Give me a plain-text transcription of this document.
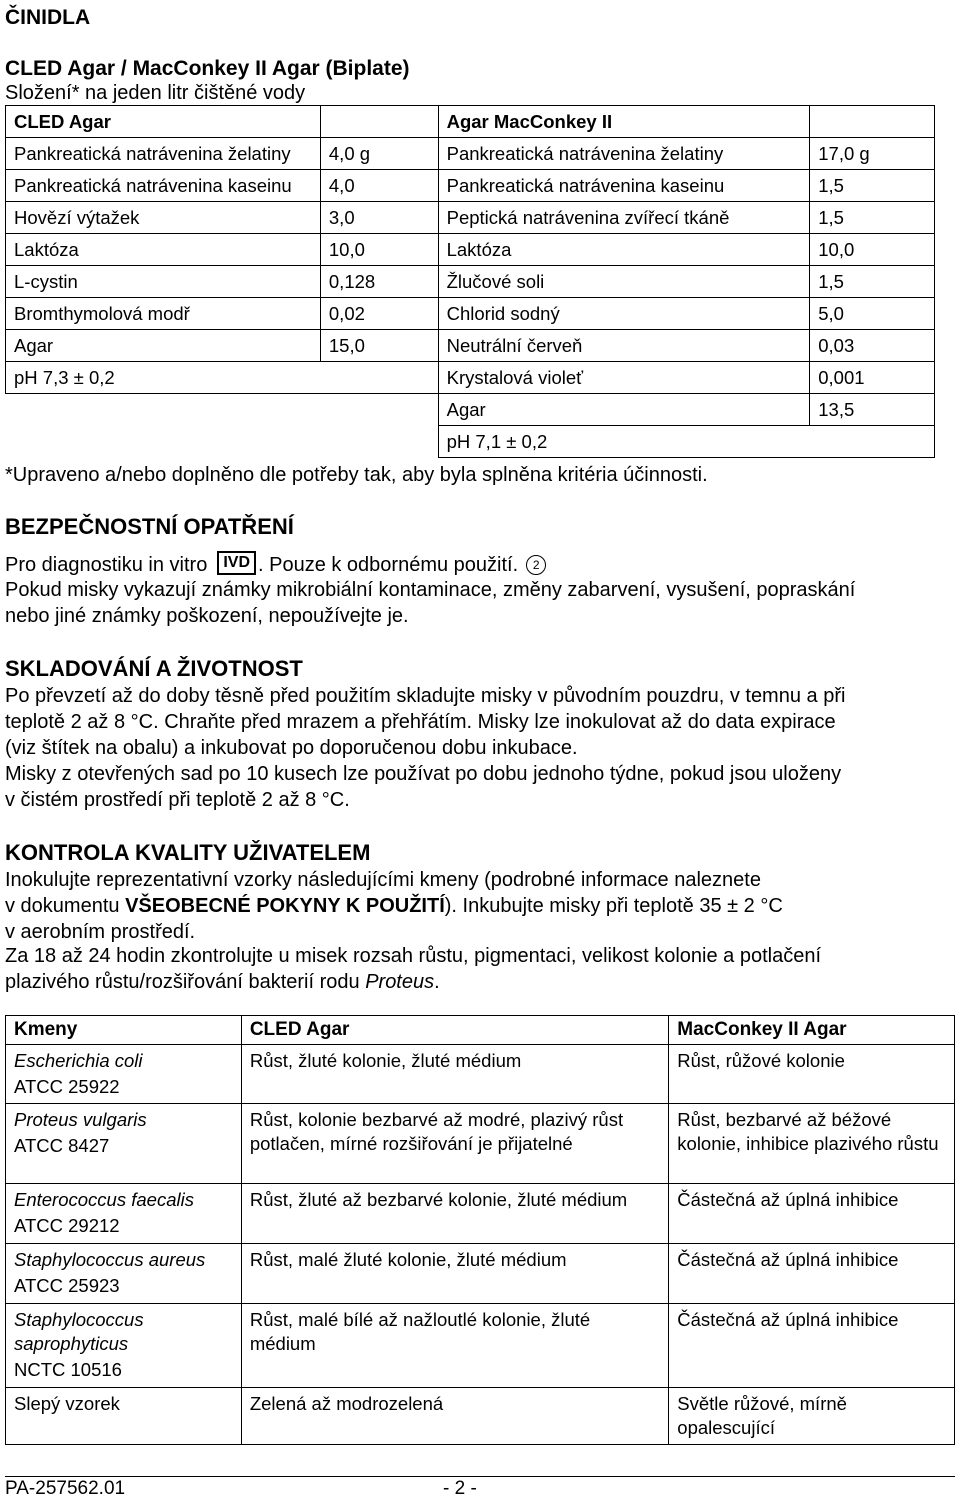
ČINIDLA
CLED Agar / MacConkey II Agar (Biplate)
Složení* na jeden litr čištěné vody
CLED Agar		Agar MacConkey II	
Pankreatická natrávenina želatiny	4,0 g	Pankreatická natrávenina želatiny	17,0 g
Pankreatická natrávenina kaseinu	4,0	Pankreatická natrávenina kaseinu	1,5
Hovězí výtažek	3,0	Peptická natrávenina zvířecí tkáně	1,5
Laktóza	10,0	Laktóza	10,0
L-cystin	0,128	Žlučové soli	1,5
Bromthymolová modř	0,02	Chlorid sodný	5,0
Agar	15,0	Neutrální červeň	0,03
pH 7,3 ± 0,2		Krystalová violeť	0,001
		Agar	13,5
		pH 7,1 ± 0,2	
*Upraveno a/nebo doplněno dle potřeby tak, aby byla splněna kritéria účinnosti.
BEZPEČNOSTNÍ OPATŘENÍ
Pro diagnostiku in vitro IVD . Pouze k odbornému použití. 2
Pokud misky vykazují známky mikrobiální kontaminace, změny zabarvení, vysušení, popraskání
nebo jiné známky poškození, nepoužívejte je.
SKLADOVÁNÍ A ŽIVOTNOST
Po převzetí až do doby těsně před použitím skladujte misky v původním pouzdru, v temnu a při
teplotě 2 až 8 °C. Chraňte před mrazem a přehřátím. Misky lze inokulovat až do data expirace
(viz štítek na obalu) a inkubovat po doporučenou dobu inkubace.
Misky z otevřených sad po 10 kusech lze používat po dobu jednoho týdne, pokud jsou uloženy
v čistém prostředí při teplotě 2 až 8 °C.
KONTROLA KVALITY UŽIVATELEM
Inokulujte reprezentativní vzorky následujícími kmeny (podrobné informace naleznete
v dokumentu VŠEOBECNÉ POKYNY K POUŽITÍ). Inkubujte misky při teplotě 35 ± 2 °C
v aerobním prostředí.
Za 18 až 24 hodin zkontrolujte u misek rozsah růstu, pigmentaci, velikost kolonie a potlačení
plazivého růstu/rozšiřování bakterií rodu Proteus.
Kmeny	CLED Agar	MacConkey II Agar
Escherichia coli

ATCC 25922	Růst, žluté kolonie, žluté médium	Růst, růžové kolonie
Proteus vulgaris

ATCC 8427	Růst, kolonie bezbarvé až modré, plazivý růst potlačen, mírné rozšiřování je přijatelné	Růst, bezbarvé až béžové kolonie, inhibice plazivého růstu
Enterococcus faecalis

ATCC 29212	Růst, žluté až bezbarvé kolonie, žluté médium	Částečná až úplná inhibice
Staphylococcus aureus

ATCC 25923	Růst, malé žluté kolonie, žluté médium	Částečná až úplná inhibice
Staphylococcus saprophyticus

NCTC 10516	Růst, malé bílé až nažloutlé kolonie, žluté médium	Částečná až úplná inhibice
Slepý vzorek	Zelená až modrozelená	Světle růžové, mírně opalescující
PA-257562.01	- 2 -
